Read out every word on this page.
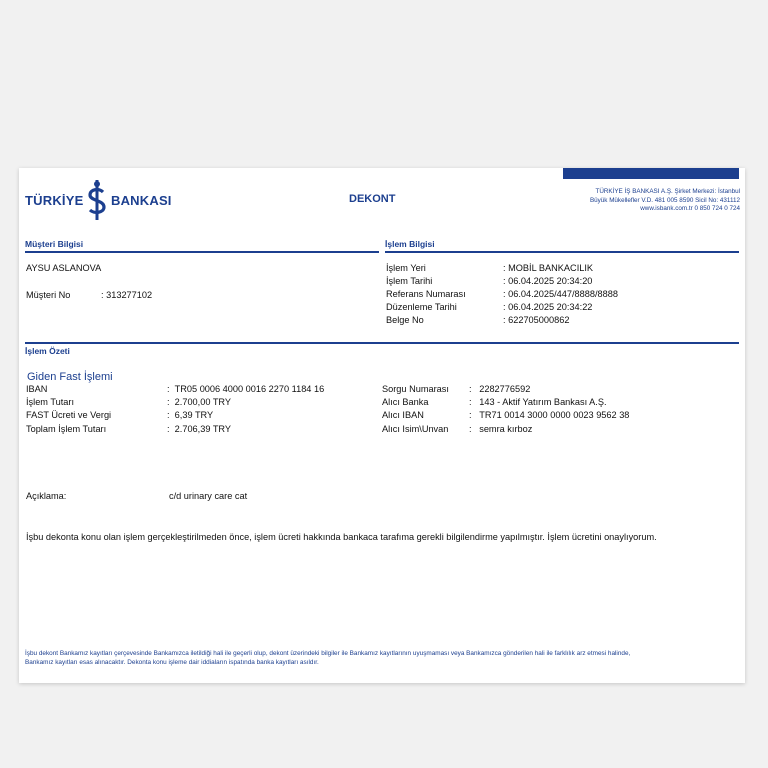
TÜRKİYE BANKASI	DEKONT
TÜRKİYE İŞ BANKASI A.Ş. Şirket Merkezi: İstanbul
Büyük Mükellefler V.D. 481 005 8590 Sicil No: 431112
www.isbank.com.tr 0 850 724 0 724
Müşteri Bilgisi	İşlem Bilgisi
AYSU ASLANOVA
Müşteri No	: 313277102
İşlem Yeri	: MOBİL BANKACILIK
İşlem Tarihi	: 06.04.2025 20:34:20
Referans Numarası	: 06.04.2025/447/8888/8888
Düzenleme Tarihi	: 06.04.2025 20:34:22
Belge No	: 622705000862
İşlem Özeti
Giden Fast İşlemi
IBAN	:  TR05 0006 4000 0016 2270 1184 16
İşlem Tutarı	:  2.700,00 TRY
FAST Ücreti ve Vergi	:  6,39 TRY
Toplam İşlem Tutarı	:  2.706,39 TRY
Sorgu Numarası :   2282776592
Alıcı Banka	:   143 - Aktif Yatırım Bankası A.Ş.
Alıcı IBAN	:   TR71 0014 3000 0000 0023 9562 38
Alıcı Isim\Unvan :   semra kırboz
Açıklama:	c/d urinary care cat
İşbu dekonta konu olan işlem gerçekleştirilmeden önce, işlem ücreti hakkında bankaca tarafıma gerekli bilgilendirme yapılmıştır. İşlem ücretini onaylıyorum.
İşbu dekont Bankamız kayıtları çerçevesinde Bankamızca iletildiği hali ile geçerli olup, dekont üzerindeki bilgiler ile Bankamız kayıtlarının uyuşmaması veya Bankamızca gönderilen hali ile farklılık arz etmesi halinde,
Bankamız kayıtları esas alınacaktır. Dekonta konu işleme dair iddiaların ispatında banka kayıtları asıldır.
